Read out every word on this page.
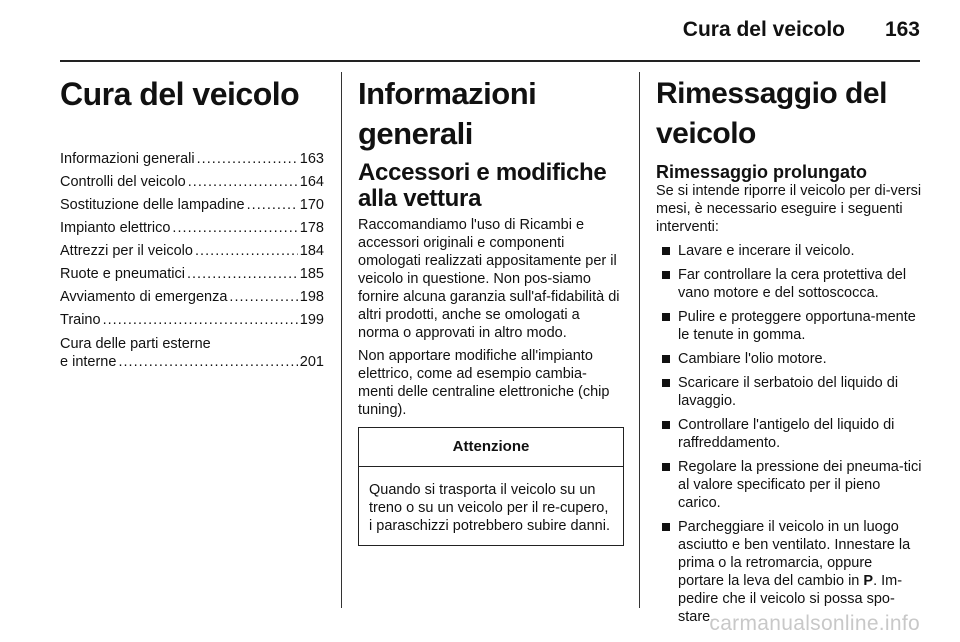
Cura del veicolo 163
Cura del veicolo
Informazioni generali . . .	163
Controlli del veicolo . . .	164
Sostituzione delle lampadine . . .	170
Impianto elettrico . . .	178
Attrezzi per il veicolo . . .	184
Ruote e pneumatici . . .	185
Avviamento di emergenza . . .	198
Traino . . .	199
Cura delle parti esterne
e interne . . .	201
Informazioni generali
Accessori e modifiche alla vettura

Raccomandiamo l'uso di Ricambi e accessori originali e componenti omologati realizzati appositamente per il veicolo in questione. Non pos-siamo fornire alcuna garanzia sull'af-fidabilità di altri prodotti, anche se omologati a norma o approvati in altro modo.

Non apportare modifiche all'impianto elettrico, come ad esempio cambia-menti delle centraline elettroniche (chip tuning).

Attenzione
Quando si trasporta il veicolo su un treno o su un veicolo per il re-cupero, i paraschizzi potrebbero subire danni.
Rimessaggio del veicolo
Rimessaggio prolungato

Se si intende riporre il veicolo per di-versi mesi, è necessario eseguire i seguenti interventi:

Lavare e incerare il veicolo.
Far controllare la cera protettiva del vano motore e del sottoscocca.
Pulire e proteggere opportuna-mente le tenute in gomma.
Cambiare l'olio motore.
Scaricare il serbatoio del liquido di lavaggio.
Controllare l'antigelo del liquido di raffreddamento.
Regolare la pressione dei pneuma-tici al valore specificato per il pieno carico.
Parcheggiare il veicolo in un luogo asciutto e ben ventilato. Innestare la prima o la retromarcia, oppure portare la leva del cambio in P. Im-pedire che il veicolo si possa spo-stare.
carmanualsonline.info
